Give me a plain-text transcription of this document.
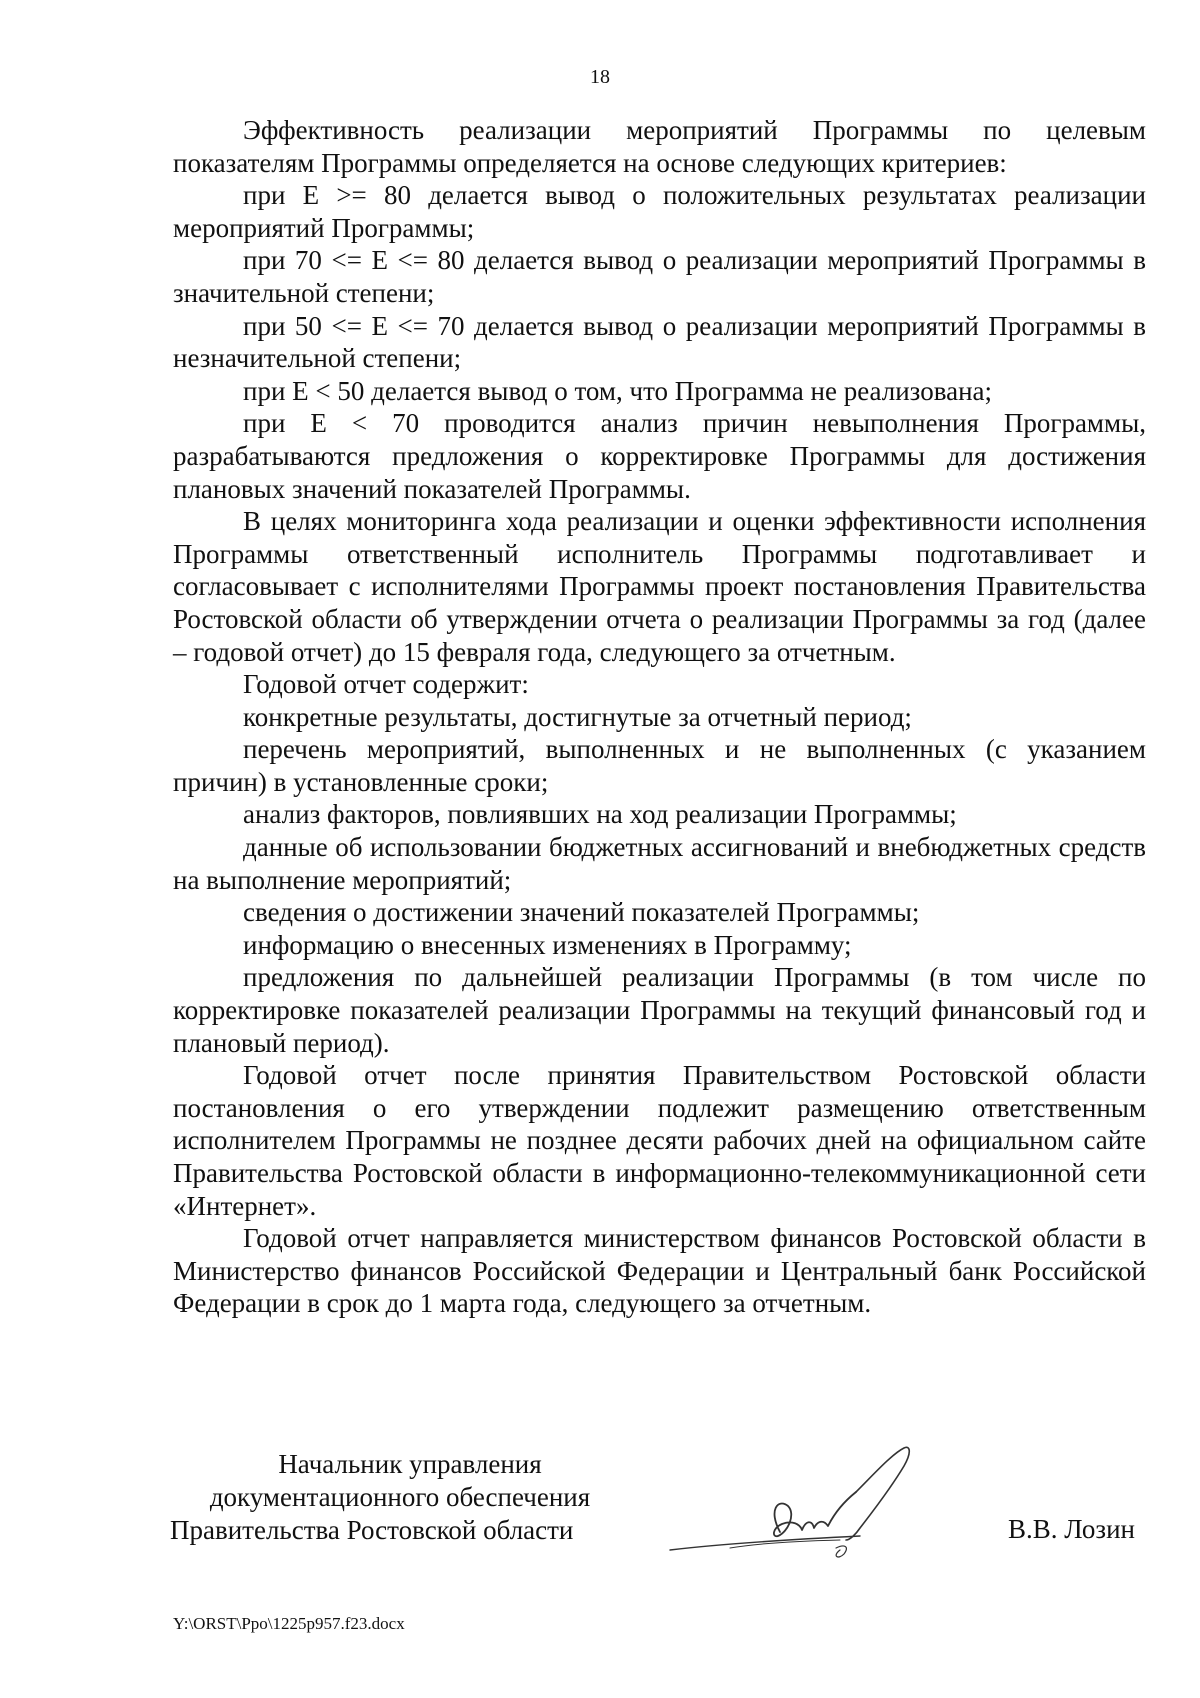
18

Эффективность реализации мероприятий Программы по целевым показателям Программы определяется на основе следующих критериев:

при E >= 80 делается вывод о положительных результатах реализации мероприятий Программы;

при 70 <= E <= 80 делается вывод о реализации мероприятий Программы в значительной степени;

при 50 <= E <= 70 делается вывод о реализации мероприятий Программы в незначительной степени;

при E < 50 делается вывод о том, что Программа не реализована;

при E < 70 проводится анализ причин невыполнения Программы, разрабатываются предложения о корректировке Программы для достижения плановых значений показателей Программы.

В целях мониторинга хода реализации и оценки эффективности исполнения Программы ответственный исполнитель Программы подготавливает и согласовывает с исполнителями Программы проект постановления Правительства Ростовской области об утверждении отчета о реализации Программы за год (далее – годовой отчет) до 15 февраля года, следующего за отчетным.

Годовой отчет содержит:

конкретные результаты, достигнутые за отчетный период;

перечень мероприятий, выполненных и не выполненных (с указанием причин) в установленные сроки;

анализ факторов, повлиявших на ход реализации Программы;

данные об использовании бюджетных ассигнований и внебюджетных средств на выполнение мероприятий;

сведения о достижении значений показателей Программы;

информацию о внесенных изменениях в Программу;

предложения по дальнейшей реализации Программы (в том числе по корректировке показателей реализации Программы на текущий финансовый год и плановый период).

Годовой отчет после принятия Правительством Ростовской области постановления о его утверждении подлежит размещению ответственным исполнителем Программы не позднее десяти рабочих дней на официальном сайте Правительства Ростовской области в информационно-телекоммуникационной сети «Интернет».

Годовой отчет направляется министерством финансов Ростовской области в Министерство финансов Российской Федерации и Центральный банк Российской Федерации в срок до 1 марта года, следующего за отчетным.

Начальник управления
документационного обеспечения
Правительства Ростовской области	В.В. Лозин
Y:\ORST\Ppo\1225p957.f23.docx
